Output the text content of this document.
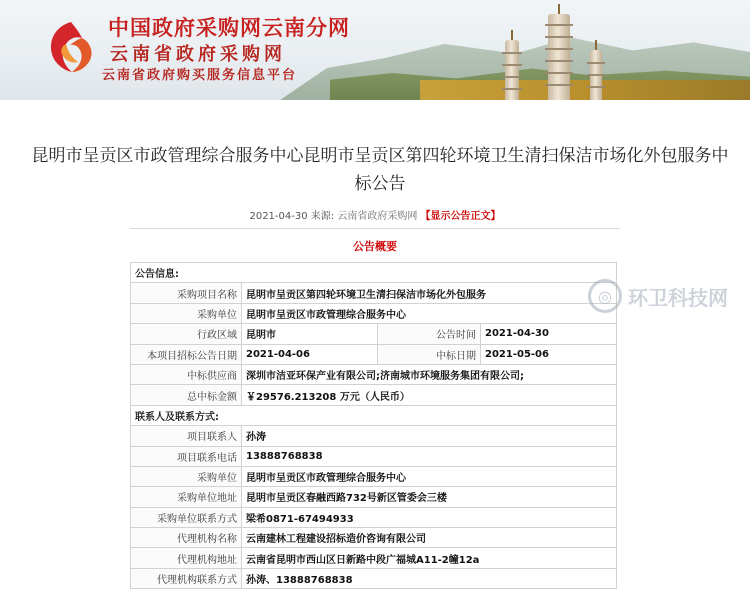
中国政府采购网云南分网
云南省政府采购网
云南省政府购买服务信息平台
昆明市呈贡区市政管理综合服务中心昆明市呈贡区第四轮环境卫生清扫保洁市场化外包服务中标公告
2021-04-30 来源: 云南省政府采购网 【显示公告正文】
公告概要
公告信息:			
采购项目名称	昆明市呈贡区第四轮环境卫生清扫保洁市场化外包服务		
采购单位	昆明市呈贡区市政管理综合服务中心		
行政区域	昆明市	公告时间	2021-04-30
本项目招标公告日期	2021-04-06	中标日期	2021-05-06
中标供应商	深圳市洁亚环保产业有限公司;济南城市环境服务集团有限公司;		
总中标金额	￥29576.213208 万元（人民币）		
联系人及联系方式:			
项目联系人	孙涛		
项目联系电话	13888768838		
采购单位	昆明市呈贡区市政管理综合服务中心		
采购单位地址	昆明市呈贡区春融西路732号新区管委会三楼		
采购单位联系方式	梁希0871-67494933		
代理机构名称	云南建林工程建设招标造价咨询有限公司		
代理机构地址	云南省昆明市西山区日新路中段广福城A11-2幢12a		
代理机构联系方式	孙涛、13888768838		
◎ 环卫科技网
